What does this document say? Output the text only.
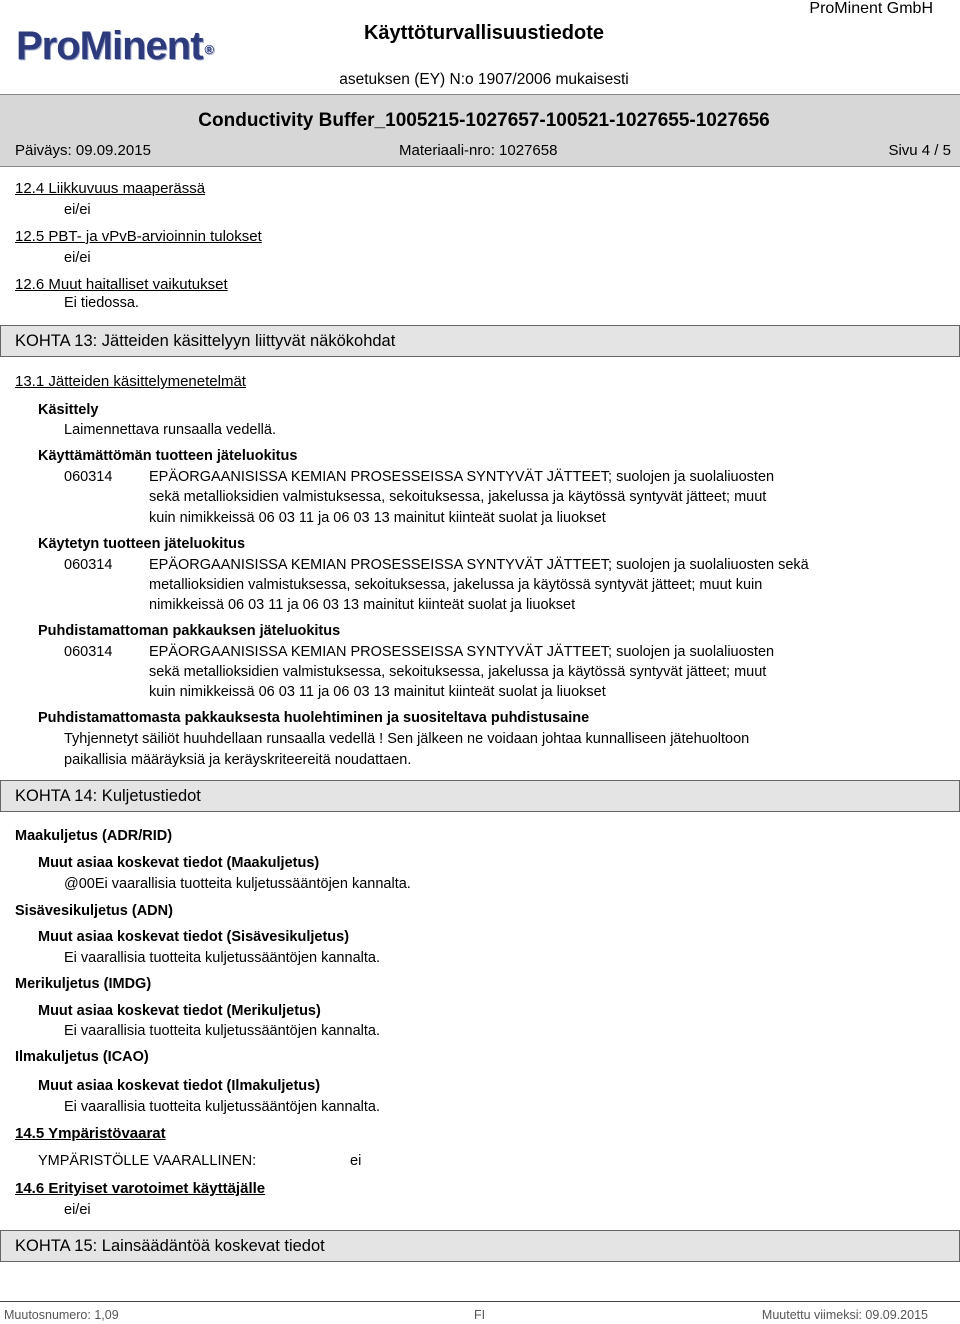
ProMinent ®
Käyttöturvallisuustiedote
ProMinent GmbH
asetuksen (EY) N:o 1907/2006 mukaisesti
Conductivity Buffer_1005215-1027657-100521-1027655-1027656
Päiväys: 09.09.2015	Materiaali-nro: 1027658	Sivu 4 / 5
12.4 Liikkuvuus maaperässä
ei/ei
12.5 PBT- ja vPvB-arvioinnin tulokset
ei/ei
12.6 Muut haitalliset vaikutukset
Ei tiedossa.
KOHTA 13: Jätteiden käsittelyyn liittyvät näkökohdat
13.1 Jätteiden käsittelymenetelmät
Käsittely
Laimennettava runsaalla vedellä.
Käyttämättömän tuotteen jäteluokitus
060314	EPÄORGAANISISSA KEMIAN PROSESSEISSA SYNTYVÄT JÄTTEET; suolojen ja suolaliuosten
sekä metallioksidien valmistuksessa, sekoituksessa, jakelussa ja käytössä syntyvät jätteet; muut
kuin nimikkeissä 06 03 11 ja 06 03 13 mainitut kiinteät suolat ja liuokset
Käytetyn tuotteen jäteluokitus
060314	EPÄORGAANISISSA KEMIAN PROSESSEISSA SYNTYVÄT JÄTTEET; suolojen ja suolaliuosten sekä
metallioksidien valmistuksessa, sekoituksessa, jakelussa ja käytössä syntyvät jätteet; muut kuin
nimikkeissä 06 03 11 ja 06 03 13 mainitut kiinteät suolat ja liuokset
Puhdistamattoman pakkauksen jäteluokitus
060314	EPÄORGAANISISSA KEMIAN PROSESSEISSA SYNTYVÄT JÄTTEET; suolojen ja suolaliuosten
sekä metallioksidien valmistuksessa, sekoituksessa, jakelussa ja käytössä syntyvät jätteet; muut
kuin nimikkeissä 06 03 11 ja 06 03 13 mainitut kiinteät suolat ja liuokset
Puhdistamattomasta pakkauksesta huolehtiminen ja suositeltava puhdistusaine
Tyhjennetyt säiliöt huuhdellaan runsaalla vedellä ! Sen jälkeen ne voidaan johtaa kunnalliseen jätehuoltoon
paikallisia määräyksiä ja keräyskriteereitä noudattaen.
KOHTA 14: Kuljetustiedot
Maakuljetus (ADR/RID)
Muut asiaa koskevat tiedot (Maakuljetus)
@00Ei vaarallisia tuotteita kuljetussääntöjen kannalta.
Sisävesikuljetus (ADN)
Muut asiaa koskevat tiedot (Sisävesikuljetus)
Ei vaarallisia tuotteita kuljetussääntöjen kannalta.
Merikuljetus (IMDG)
Muut asiaa koskevat tiedot (Merikuljetus)
Ei vaarallisia tuotteita kuljetussääntöjen kannalta.
Ilmakuljetus (ICAO)
Muut asiaa koskevat tiedot (Ilmakuljetus)
Ei vaarallisia tuotteita kuljetussääntöjen kannalta.
14.5 Ympäristövaarat
YMPÄRISTÖLLE VAARALLINEN:	ei
14.6 Erityiset varotoimet käyttäjälle
ei/ei
KOHTA 15: Lainsäädäntöä koskevat tiedot
Muutosnumero: 1,09	FI	Muutettu viimeksi: 09.09.2015
